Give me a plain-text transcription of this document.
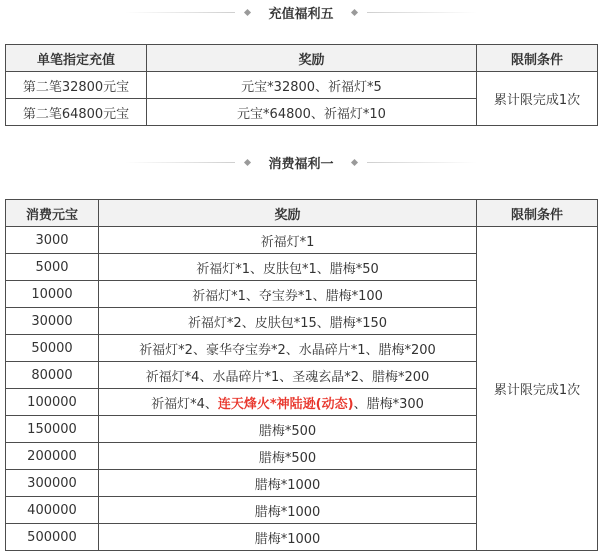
充值福利五
单笔指定充值	奖励	限制条件
第二笔32800元宝	元宝*32800、祈福灯*5	累计限完成1次
第二笔64800元宝	元宝*64800、祈福灯*10	
消费福利一
消费元宝	奖励	限制条件
3000	祈福灯*1	累计限完成1次
5000	祈福灯*1、皮肤包*1、腊梅*50	
10000	祈福灯*1、夺宝券*1、腊梅*100	
30000	祈福灯*2、皮肤包*15、腊梅*150	
50000	祈福灯*2、豪华夺宝券*2、水晶碎片*1、腊梅*200	
80000	祈福灯*4、水晶碎片*1、圣魂玄晶*2、腊梅*200	
100000	祈福灯*4、连天烽火*神陆逊(动态)、腊梅*300	
150000	腊梅*500	
200000	腊梅*500	
300000	腊梅*1000	
400000	腊梅*1000	
500000	腊梅*1000	
